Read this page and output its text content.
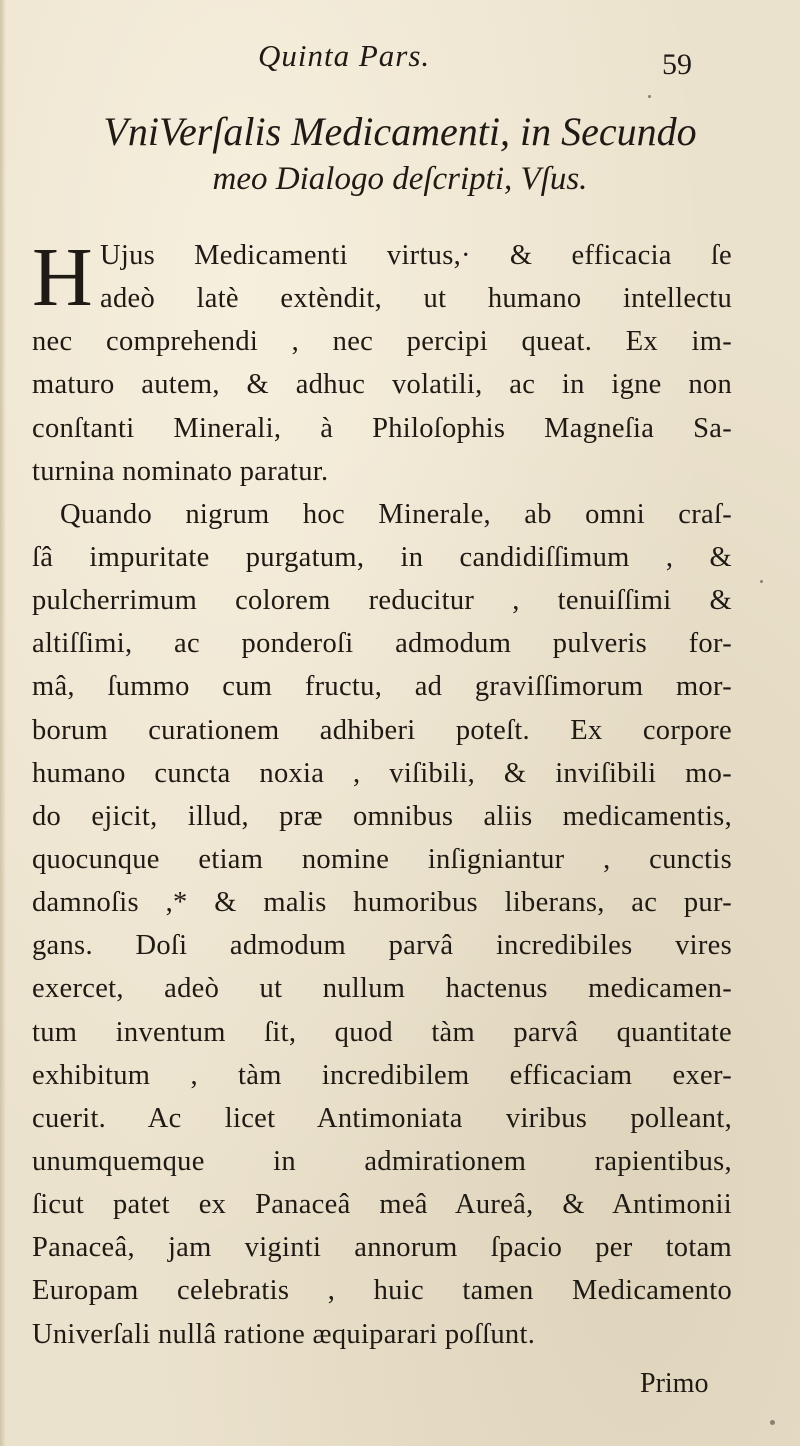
Quinta Pars.	59
VniVerſalis Medicamenti, in Secundo
meo Dialogo deſcripti, Vſus.
H Ujus Medicamenti virtus,· & efficacia ſe
adeò latè extèndit, ut humano intellectu
nec comprehendi , nec percipi queat. Ex im-
maturo autem, & adhuc volatili, ac in igne non
conſtanti Minerali, à Philoſophis Magneſia Sa-
turnina nominato paratur.
Quando nigrum hoc Minerale, ab omni craſ-
ſâ impuritate purgatum, in candidiſſimum , &
pulcherrimum colorem reducitur , tenuiſſimi &
altiſſimi, ac ponderoſi admodum pulveris for-
mâ, ſummo cum fructu, ad graviſſimorum mor-
borum curationem adhiberi poteſt. Ex corpore
humano cuncta noxia , viſibili, & inviſibili mo-
do ejicit, illud, præ omnibus aliis medicamentis,
quocunque etiam nomine inſigniantur , cunctis
damnoſis ,* & malis humoribus liberans, ac pur-
gans. Doſi admodum parvâ incredibiles vires
exercet, adeò ut nullum hactenus medicamen-
tum inventum ſit, quod tàm parvâ quantitate
exhibitum , tàm incredibilem efficaciam exer-
cuerit. Ac licet Antimoniata viribus polleant,
unumquemque in admirationem rapientibus,
ſicut patet ex Panaceâ meâ Aureâ, & Antimonii
Panaceâ, jam viginti annorum ſpacio per totam
Europam celebratis , huic tamen Medicamento
Univerſali nullâ ratione æquiparari poſſunt.
Primo
